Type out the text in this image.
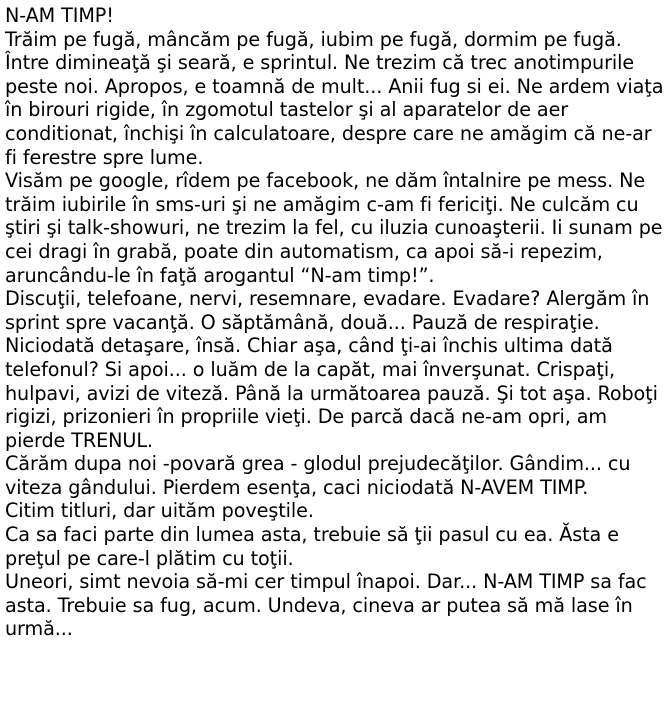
N-AM TIMP!

Trăim pe fugă, mâncăm pe fugă, iubim pe fugă, dormim pe fugă. Între dimineaţă şi seară, e sprintul. Ne trezim că trec anotimpurile peste noi. Apropos, e toamnă de mult... Anii fug si ei. Ne ardem viaţa în birouri rigide, în zgomotul tastelor şi al aparatelor de aer conditionat, închişi în calculatoare, despre care ne amăgim că ne-ar fi ferestre spre lume.

Visăm pe google, rîdem pe facebook, ne dăm întalnire pe mess. Ne trăim iubirile în sms-uri şi ne amăgim c-am fi fericiţi. Ne culcăm cu ştiri şi talk-showuri, ne trezim la fel, cu iluzia cunoaşterii. Ii sunam pe cei dragi în grabă, poate din automatism, ca apoi să-i repezim, aruncându-le în faţă arogantul “N-am timp!”.

Discuţii, telefoane, nervi, resemnare, evadare. Evadare? Alergăm în sprint spre vacanţă. O săptămână, două... Pauză de respiraţie. Niciodată detaşare, însă. Chiar aşa, când ţi-ai închis ultima dată telefonul? Si apoi... o luăm de la capăt, mai înverşunat. Crispaţi, hulpavi, avizi de viteză. Până la următoarea pauză. Şi tot aşa. Roboţi rigizi, prizonieri în propriile vieţi. De parcă dacă ne-am opri, am pierde TRENUL.

Cărăm dupa noi -povară grea - glodul prejudecăţilor. Gândim... cu viteza gândului. Pierdem esenţa, caci niciodată N-AVEM TIMP.

Citim titluri, dar uităm poveştile.

Ca sa faci parte din lumea asta, trebuie să ţii pasul cu ea. Ăsta e preţul pe care-l plătim cu toţii.

Uneori, simt nevoia să-mi cer timpul înapoi. Dar... N-AM TIMP sa fac asta. Trebuie sa fug, acum. Undeva, cineva ar putea să mă lase în urmă...
